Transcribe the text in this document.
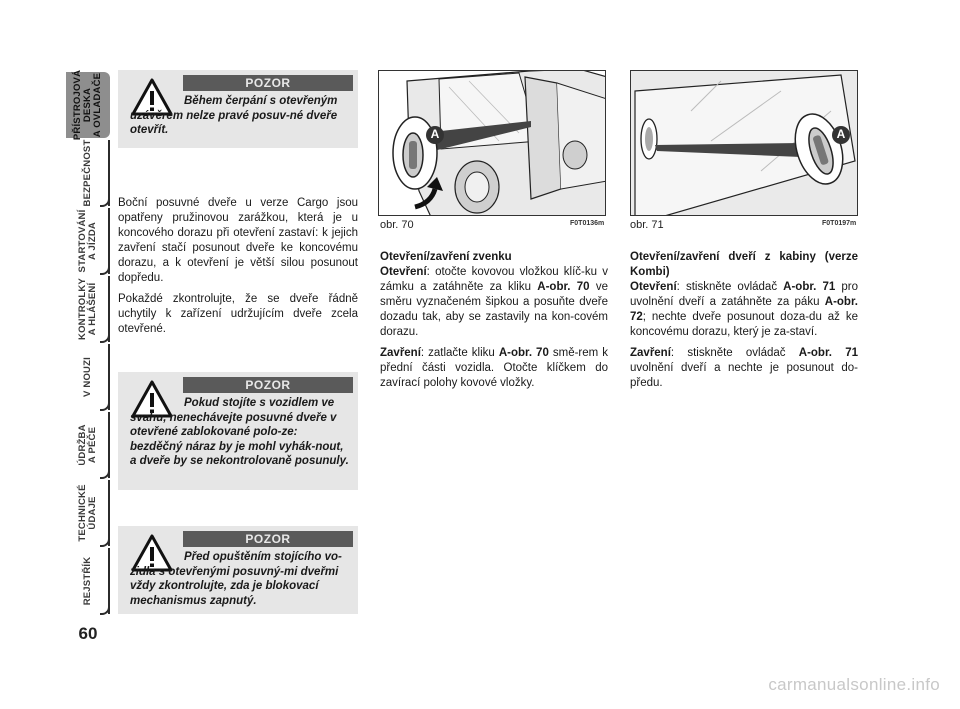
PŘÍSTROJOVÁ
DESKA
A OVLADAČE
BEZPEČNOST
STARTOVÁNÍ
A JÍZDA
KONTROLKY
A HLÁŠENÍ
V NOUZI
ÚDRŽBA
A PÉČE
TECHNICKÉ
ÚDAJE
REJSTŘÍK
60
POZOR
Během čerpání s otevřeným uzávěrem nelze pravé posuv-né dveře otevřít.

Boční posuvné dveře u verze Cargo jsou opatřeny pružinovou zarážkou, která je u koncového dorazu při otevření zastaví: k jejich zavření stačí posunout dveře ke koncovému dorazu, a k otevření je větší silou posunout dopředu.

Pokaždé zkontrolujte, že se dveře řádně uchytily k zařízení udržujícím dveře zcela otevřené.

POZOR
Pokud stojíte s vozidlem ve svahu, nenechávejte posuvné dveře v otevřené zablokované polo-ze: bezděčný náraz by je mohl vyhák-nout, a dveře by se nekontrolovaně posunuly.
POZOR
Před opuštěním stojícího vo-zidla s otevřenými posuvný-mi dveřmi vždy zkontrolujte, zda je blokovací mechanismus zapnutý.
A
obr. 70	F0T0136m
A
obr. 71	F0T0197m
Otevření/zavření zvenku

Otevření: otočte kovovou vložkou klíč-ku v zámku a zatáhněte za kliku A-obr. 70 ve směru vyznačeném šipkou a posuňte dveře dozadu tak, aby se zastavily na kon-covém dorazu.

Zavření: zatlačte kliku A-obr. 70 smě-rem k přední části vozidla. Otočte klíčkem do zavírací polohy kovové vložky.

Otevření/zavření dveří z kabiny (verze Kombi)

Otevření: stiskněte ovládač A-obr. 71 pro uvolnění dveří a zatáhněte za páku A-obr. 72; nechte dveře posunout doza-du až ke koncovému dorazu, který je za-staví.

Zavření: stiskněte ovládač A-obr. 71 uvolnění dveří a nechte je posunout do-předu.

carmanualsonline.info
